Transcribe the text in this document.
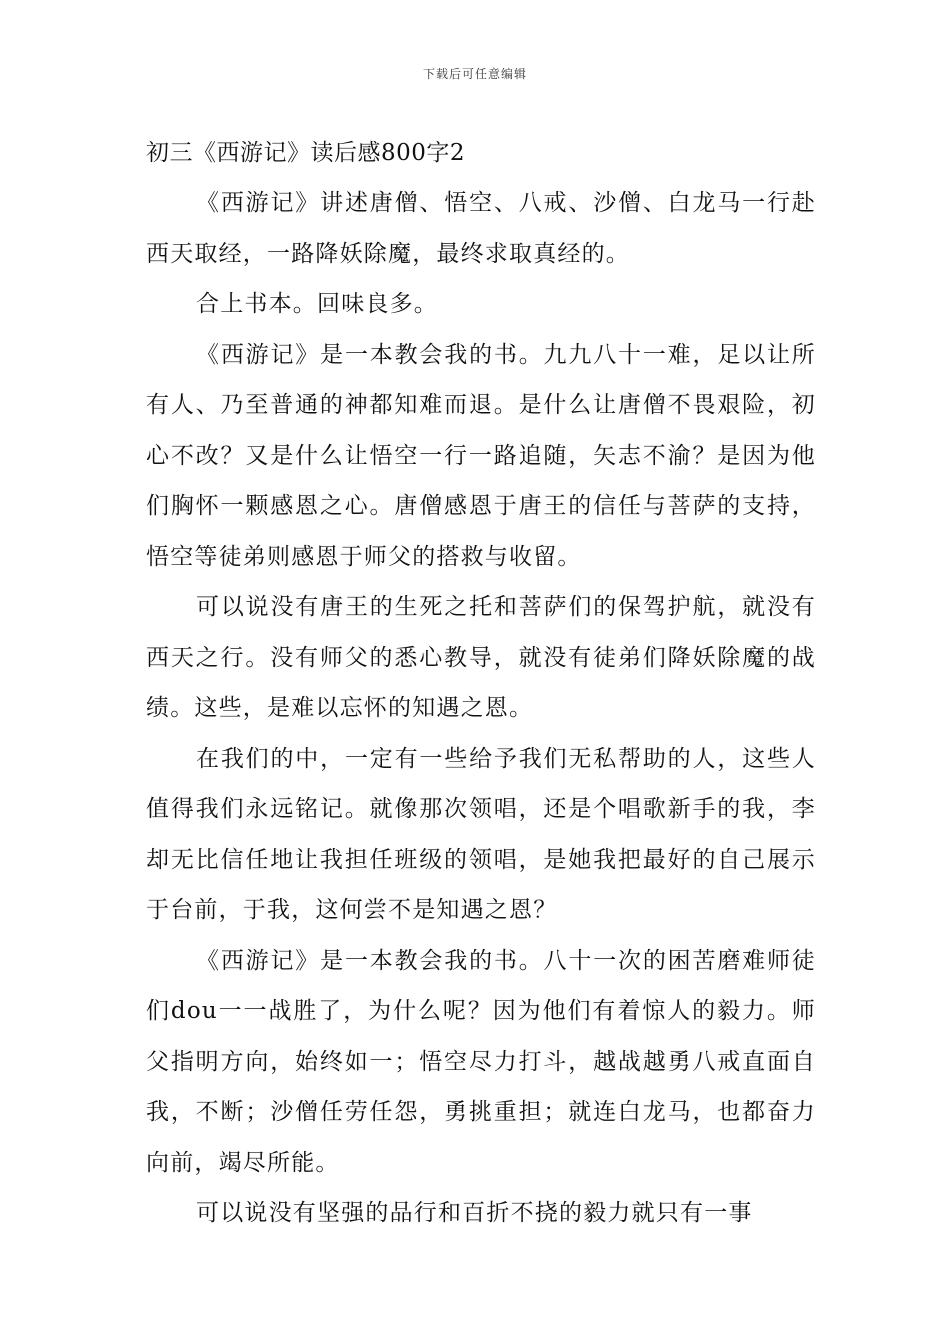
下载后可任意编辑
初三《西游记》读后感800字2

《西游记》讲述唐僧、悟空、八戒、沙僧、白龙马一行赴西天取经，一路降妖除魔，最终求取真经的。

合上书本。回味良多。

《西游记》是一本教会我的书。九九八十一难，足以让所有人、乃至普通的神都知难而退。是什么让唐僧不畏艰险，初心不改？又是什么让悟空一行一路追随，矢志不渝？是因为他们胸怀一颗感恩之心。唐僧感恩于唐王的信任与菩萨的支持，悟空等徒弟则感恩于师父的搭救与收留。

可以说没有唐王的生死之托和菩萨们的保驾护航，就没有西天之行。没有师父的悉心教导，就没有徒弟们降妖除魔的战绩。这些，是难以忘怀的知遇之恩。

在我们的中，一定有一些给予我们无私帮助的人，这些人值得我们永远铭记。就像那次领唱，还是个唱歌新手的我，李却无比信任地让我担任班级的领唱，是她我把最好的自己展示于台前，于我，这何尝不是知遇之恩？

《西游记》是一本教会我的书。八十一次的困苦磨难师徒们dou一一战胜了，为什么呢？因为他们有着惊人的毅力。师父指明方向，始终如一；悟空尽力打斗，越战越勇八戒直面自我，不断；沙僧任劳任怨，勇挑重担；就连白龙马，也都奋力向前，竭尽所能。

可以说没有坚强的品行和百折不挠的毅力就只有一事
